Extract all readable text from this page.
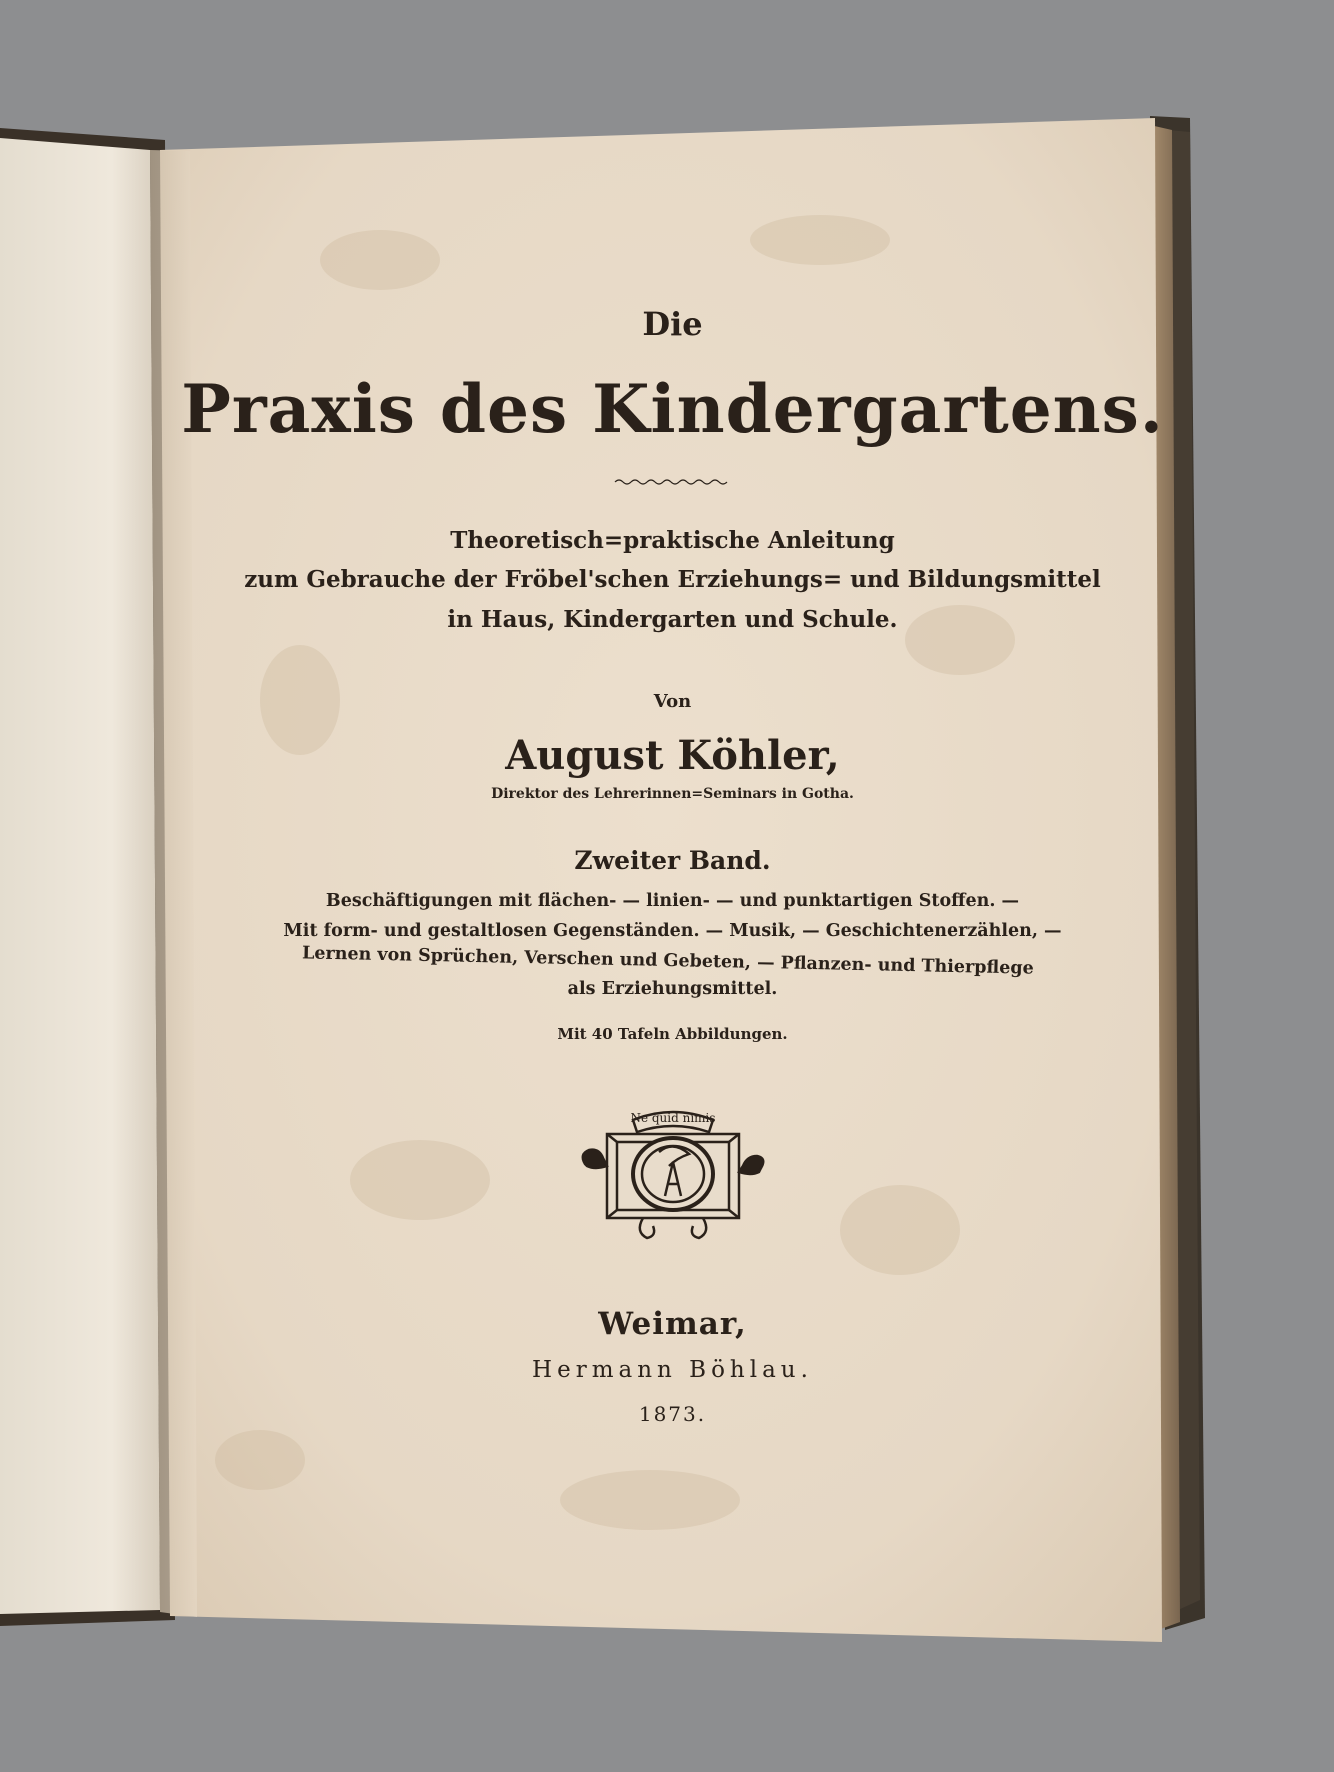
Die
Praxis des Kindergartens.
Theoretisch=praktische Anleitung
zum Gebrauche der Fröbel'schen Erziehungs= und Bildungsmittel
in Haus, Kindergarten und Schule.
Von
August Köhler,
Direktor des Lehrerinnen=Seminars in Gotha.
Zweiter Band.
Beschäftigungen mit flächen- — linien- — und punktartigen Stoffen. —
Mit form- und gestaltlosen Gegenständen. — Musik, — Geschichtenerzählen, —
Lernen von Sprüchen, Verschen und Gebeten, — Pflanzen- und Thierpflege
als Erziehungsmittel.
Mit 40 Tafeln Abbildungen.
Ne quid nimis
Weimar,
Hermann Böhlau.
1873.
